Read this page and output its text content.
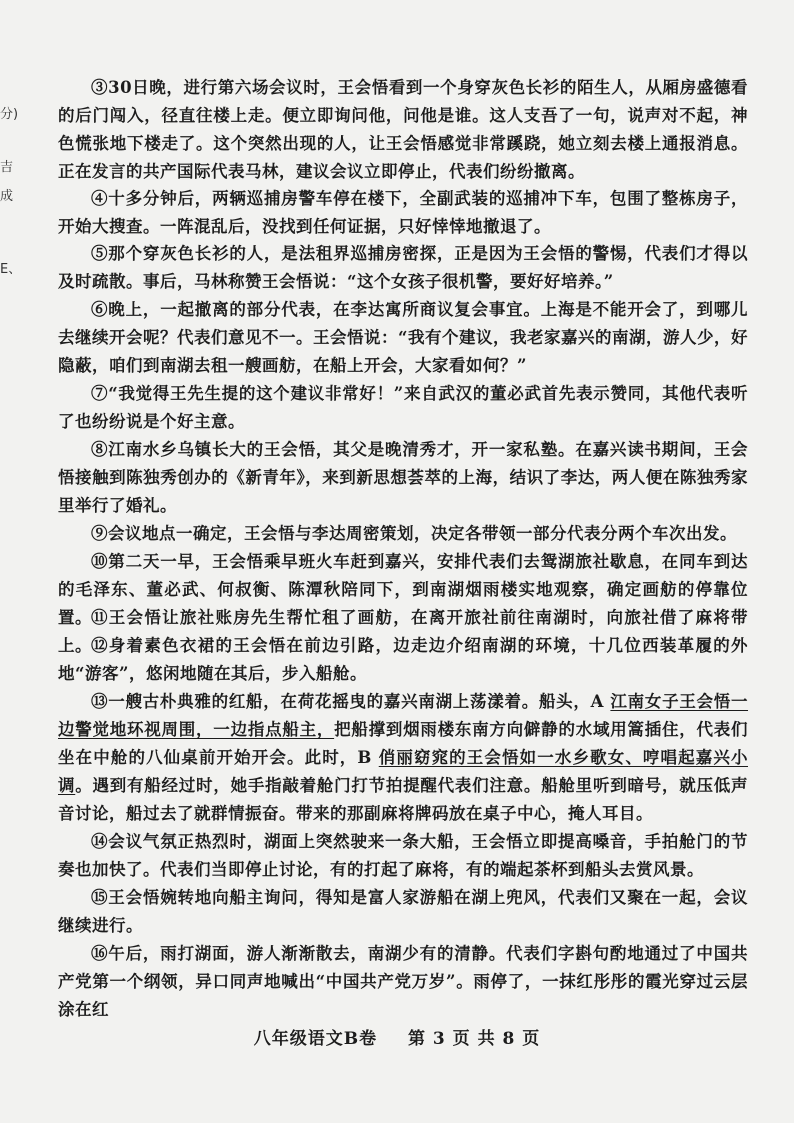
分)
吉
成
E、

③30日晚，进行第六场会议时，王会悟看到一个身穿灰色长衫的陌生人，从厢房盛德看的后门闯入，径直往楼上走。便立即询问他，问他是谁。这人支吾了一句，说声对不起，神色慌张地下楼走了。这个突然出现的人，让王会悟感觉非常蹊跷，她立刻去楼上通报消息。正在发言的共产国际代表马林，建议会议立即停止，代表们纷纷撤离。

④十多分钟后，两辆巡捕房警车停在楼下，全副武装的巡捕冲下车，包围了整栋房子，开始大搜查。一阵混乱后，没找到任何证据，只好悻悻地撤退了。

⑤那个穿灰色长衫的人，是法租界巡捕房密探，正是因为王会悟的警惕，代表们才得以及时疏散。事后，马林称赞王会悟说：“这个女孩子很机警，要好好培养。”

⑥晚上，一起撤离的部分代表，在李达寓所商议复会事宜。上海是不能开会了，到哪儿去继续开会呢？代表们意见不一。王会悟说：“我有个建议，我老家嘉兴的南湖，游人少，好隐蔽，咱们到南湖去租一艘画舫，在船上开会，大家看如何？”

⑦“我觉得王先生提的这个建议非常好！”来自武汉的董必武首先表示赞同，其他代表听了也纷纷说是个好主意。

⑧江南水乡乌镇长大的王会悟，其父是晚清秀才，开一家私塾。在嘉兴读书期间，王会悟接触到陈独秀创办的《新青年》，来到新思想荟萃的上海，结识了李达，两人便在陈独秀家里举行了婚礼。

⑨会议地点一确定，王会悟与李达周密策划，决定各带领一部分代表分两个车次出发。

⑩第二天一早，王会悟乘早班火车赶到嘉兴，安排代表们去鸳湖旅社歇息，在同车到达的毛泽东、董必武、何叔衡、陈潭秋陪同下，到南湖烟雨楼实地观察，确定画舫的停靠位置。 ⑪王会悟让旅社账房先生帮忙租了画舫，在离开旅社前往南湖时，向旅社借了麻将带上。 ⑫身着素色衣裙的王会悟在前边引路，边走边介绍南湖的环境，十几位西装革履的外地“游客”，悠闲地随在其后，步入船舱。

⑬一艘古朴典雅的红船，在荷花摇曳的嘉兴南湖上荡漾着。船头，A 江南女子王会悟一边警觉地环视周围，一边指点船主，把船撑到烟雨楼东南方向僻静的水域用篙插住，代表们坐在中舱的八仙桌前开始开会。此时，B 俏丽窈窕的王会悟如一水乡歌女、哼唱起嘉兴小调。遇到有船经过时，她手指敲着舱门打节拍提醒代表们注意。船舱里听到暗号，就压低声音讨论，船过去了就群情振奋。带来的那副麻将牌码放在桌子中心，掩人耳目。

⑭会议气氛正热烈时，湖面上突然驶来一条大船，王会悟立即提高嗓音，手拍舱门的节奏也加快了。代表们当即停止讨论，有的打起了麻将，有的端起茶杯到船头去赏风景。

⑮王会悟婉转地向船主询问，得知是富人家游船在湖上兜风，代表们又聚在一起，会议继续进行。

⑯午后，雨打湖面，游人渐渐散去，南湖少有的清静。代表们字斟句酌地通过了中国共产党第一个纲领，异口同声地喊出“中国共产党万岁”。雨停了，一抹红彤彤的霞光穿过云层涂在红

八年级语文B卷 第 3 页 共 8 页
